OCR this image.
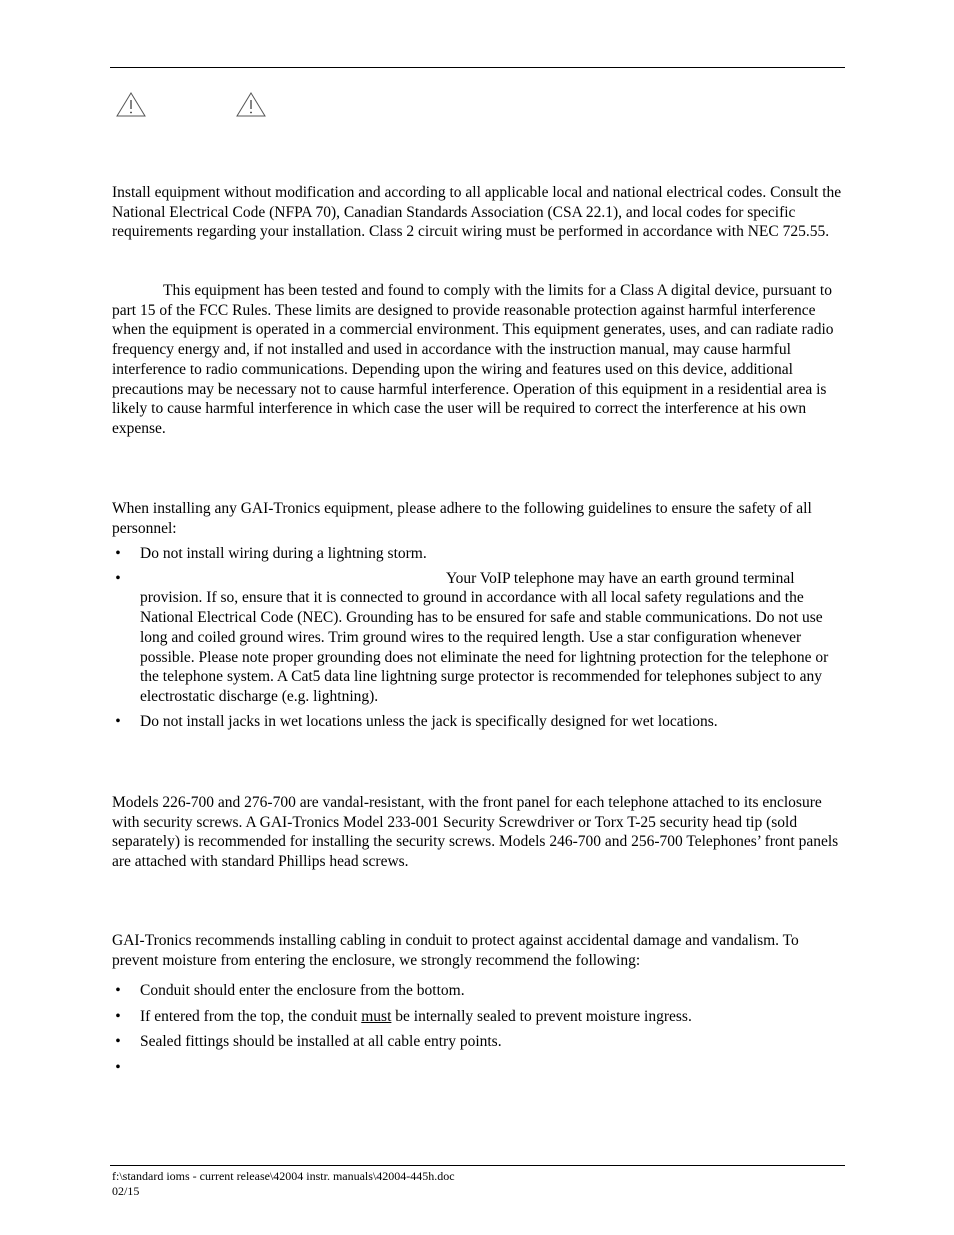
Install equipment without modification and according to all applicable local and national electrical codes. Consult the National Electrical Code (NFPA 70), Canadian Standards Association (CSA 22.1), and local codes for specific requirements regarding your installation. Class 2 circuit wiring must be performed in accordance with NEC 725.55.

This equipment has been tested and found to comply with the limits for a Class A digital device, pursuant to part 15 of the FCC Rules. These limits are designed to provide reasonable protection against harmful interference when the equipment is operated in a commercial environment. This equipment generates, uses, and can radiate radio frequency energy and, if not installed and used in accordance with the instruction manual, may cause harmful interference to radio communications. Depending upon the wiring and features used on this device, additional precautions may be necessary not to cause harmful interference. Operation of this equipment in a residential area is likely to cause harmful interference in which case the user will be required to correct the interference at his own expense.

When installing any GAI-Tronics equipment, please adhere to the following guidelines to ensure the safety of all personnel:

• Do not install wiring during a lightning storm.
•	Your VoIP telephone may have an earth ground terminal provision. If so, ensure that it is connected to ground in accordance with all local safety regulations and the National Electrical Code (NEC). Grounding has to be ensured for safe and stable communications. Do not use long and coiled ground wires. Trim ground wires to the required length. Use a star configuration whenever possible. Please note proper grounding does not eliminate the need for lightning protection for the telephone or the telephone system. A Cat5 data line lightning surge protector is recommended for telephones subject to any electrostatic discharge (e.g. lightning).
• Do not install jacks in wet locations unless the jack is specifically designed for wet locations.

Models 226-700 and 276-700 are vandal-resistant, with the front panel for each telephone attached to its enclosure with security screws. A GAI-Tronics Model 233-001 Security Screwdriver or Torx T-25 security head tip (sold separately) is recommended for installing the security screws. Models 246-700 and 256-700 Telephones’ front panels are attached with standard Phillips head screws.

GAI-Tronics recommends installing cabling in conduit to protect against accidental damage and vandalism. To prevent moisture from entering the enclosure, we strongly recommend the following:

• Conduit should enter the enclosure from the bottom.
• If entered from the top, the conduit must be internally sealed to prevent moisture ingress.
• Sealed fittings should be installed at all cable entry points.
•

f:\standard ioms - current release\42004 instr. manuals\42004-445h.doc
02/15
